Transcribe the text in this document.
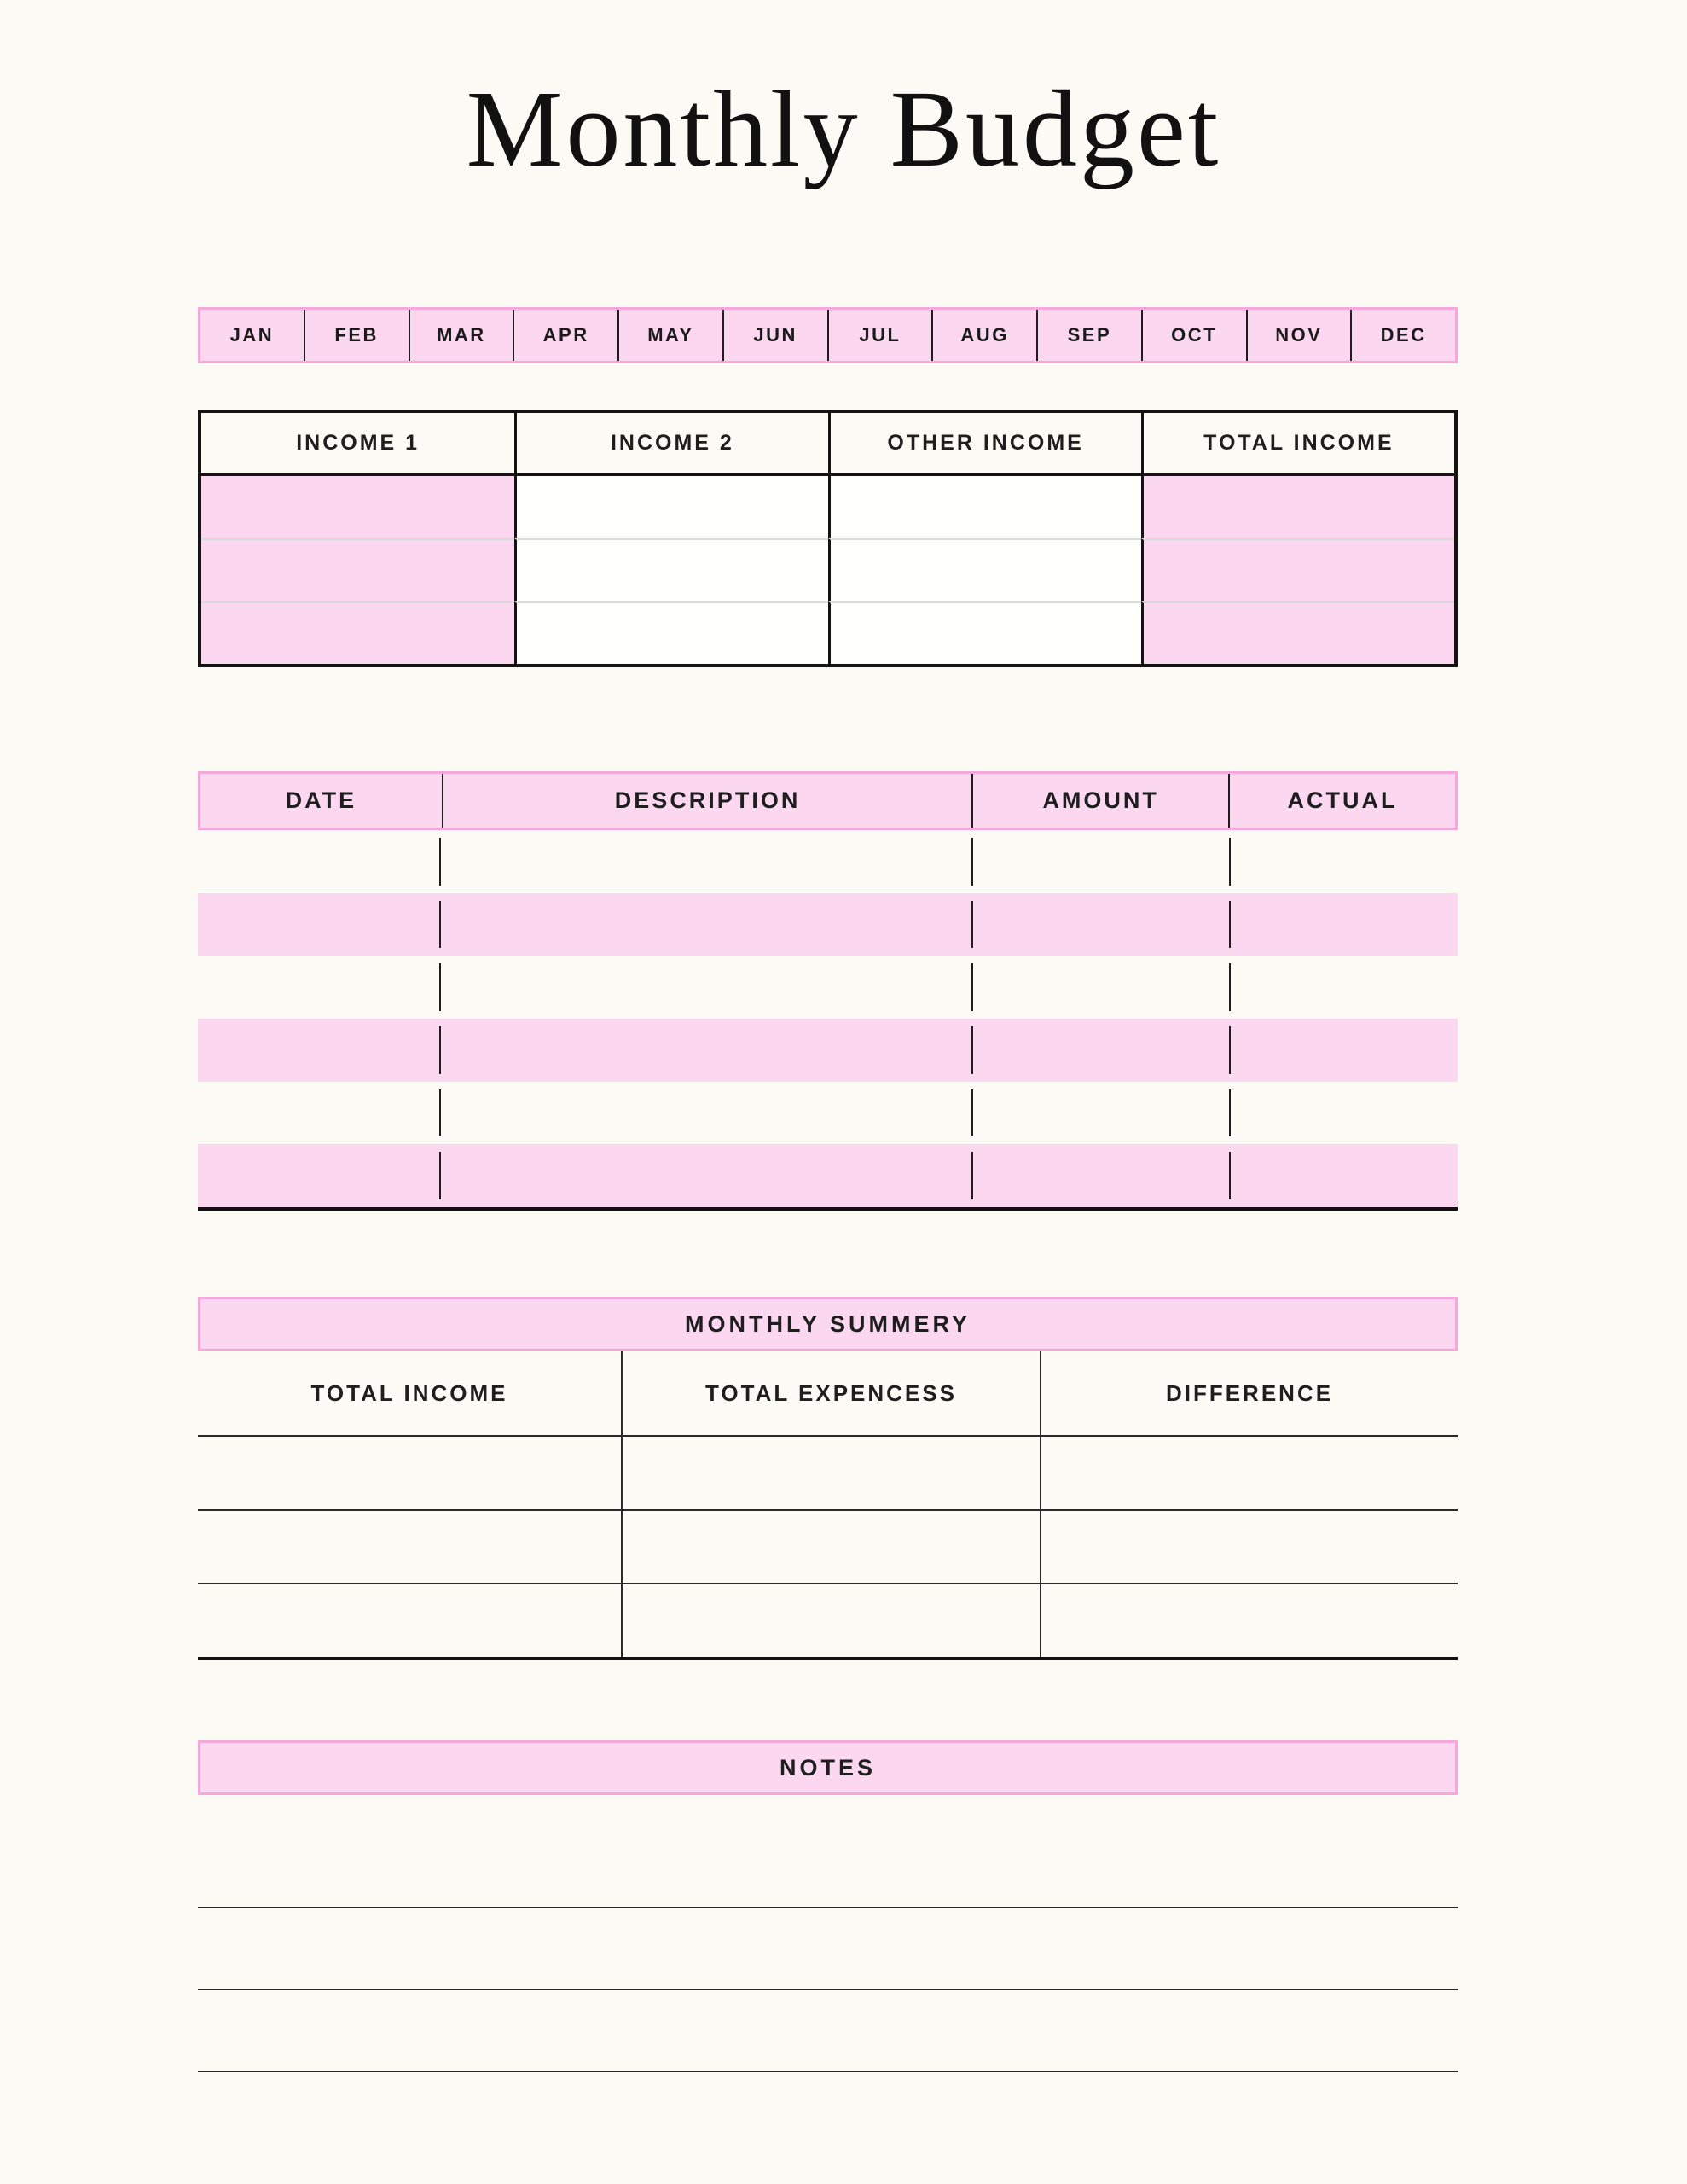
Monthly Budget
JAN	FEB	MAR	APR	MAY	JUN	JUL	AUG	SEP	OCT	NOV	DEC
INCOME 1	INCOME 2	OTHER INCOME	TOTAL INCOME
DATE	DESCRIPTION	AMOUNT	ACTUAL
MONTHLY SUMMERY
TOTAL INCOME	TOTAL EXPENCESS	DIFFERENCE
NOTES
